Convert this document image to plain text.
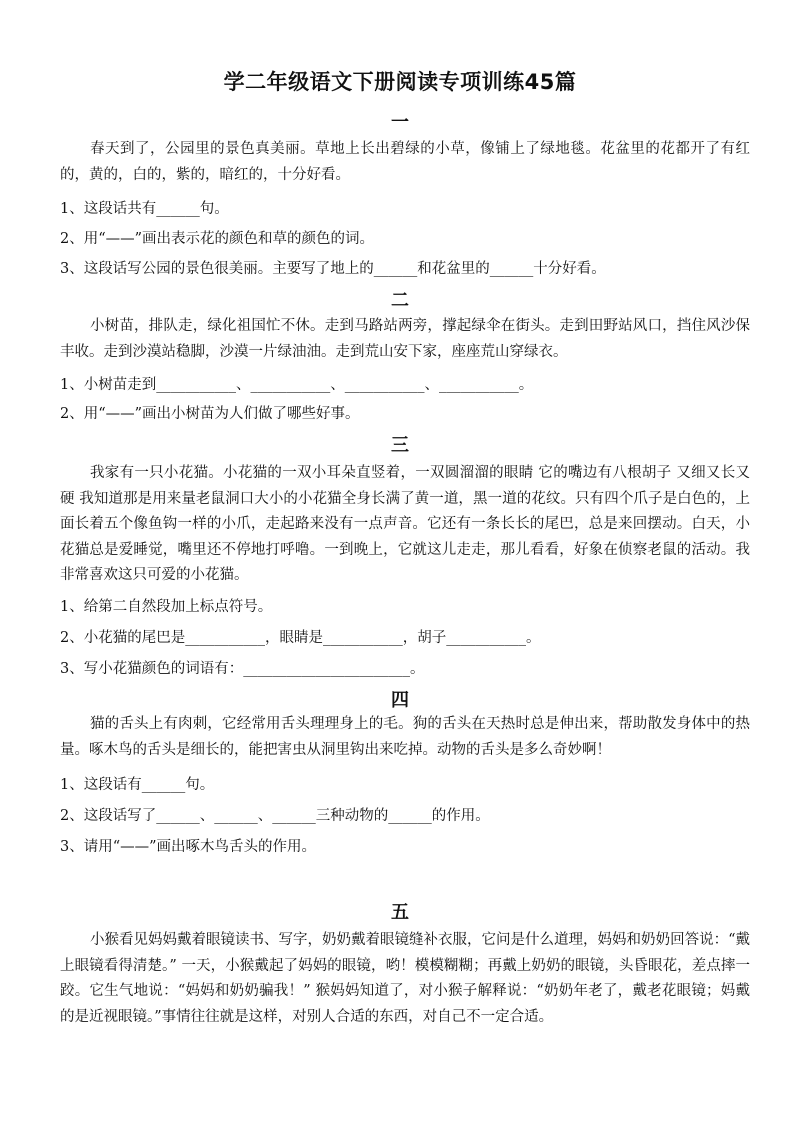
学二年级语文下册阅读专项训练45篇
一
春天到了，公园里的景色真美丽。草地上长出碧绿的小草，像铺上了绿地毯。花盆里的花都开了有红的，黄的，白的，紫的，暗红的，十分好看。
1、这段话共有______句。
2、用“——”画出表示花的颜色和草的颜色的词。
3、这段话写公园的景色很美丽。主要写了地上的______和花盆里的______十分好看。
二
小树苗，排队走，绿化祖国忙不休。走到马路站两旁，撑起绿伞在街头。走到田野站风口，挡住风沙保丰收。走到沙漠站稳脚，沙漠一片绿油油。走到荒山安下家，座座荒山穿绿衣。
1、小树苗走到___________、___________、___________、___________。
2、用“——”画出小树苗为人们做了哪些好事。
三
我家有一只小花猫。小花猫的一双小耳朵直竖着，一双圆溜溜的眼睛 它的嘴边有八根胡子 又细又长又硬 我知道那是用来量老鼠洞口大小的小花猫全身长满了黄一道，黑一道的花纹。只有四个爪子是白色的，上面长着五个像鱼钩一样的小爪，走起路来没有一点声音。它还有一条长长的尾巴，总是来回摆动。白天，小花猫总是爱睡觉，嘴里还不停地打呼噜。一到晚上，它就这儿走走，那儿看看，好象在侦察老鼠的活动。我非常喜欢这只可爱的小花猫。
1、给第二自然段加上标点符号。
2、小花猫的尾巴是___________，眼睛是___________，胡子___________。
3、写小花猫颜色的词语有：_______________________。
四
猫的舌头上有肉刺，它经常用舌头理理身上的毛。狗的舌头在天热时总是伸出来，帮助散发身体中的热量。啄木鸟的舌头是细长的，能把害虫从洞里钩出来吃掉。动物的舌头是多么奇妙啊！
1、这段话有______句。
2、这段话写了______、______、______三种动物的______的作用。
3、请用“——”画出啄木鸟舌头的作用。
五
小猴看见妈妈戴着眼镜读书、写字，奶奶戴着眼镜缝补衣服，它问是什么道理，妈妈和奶奶回答说：“戴上眼镜看得清楚。” 一天，小猴戴起了妈妈的眼镜，哟！模模糊糊；再戴上奶奶的眼镜，头昏眼花，差点摔一跤。它生气地说：“妈妈和奶奶骗我！” 猴妈妈知道了，对小猴子解释说：“奶奶年老了，戴老花眼镜；妈戴的是近视眼镜。”事情往往就是这样，对别人合适的东西，对自己不一定合适。
